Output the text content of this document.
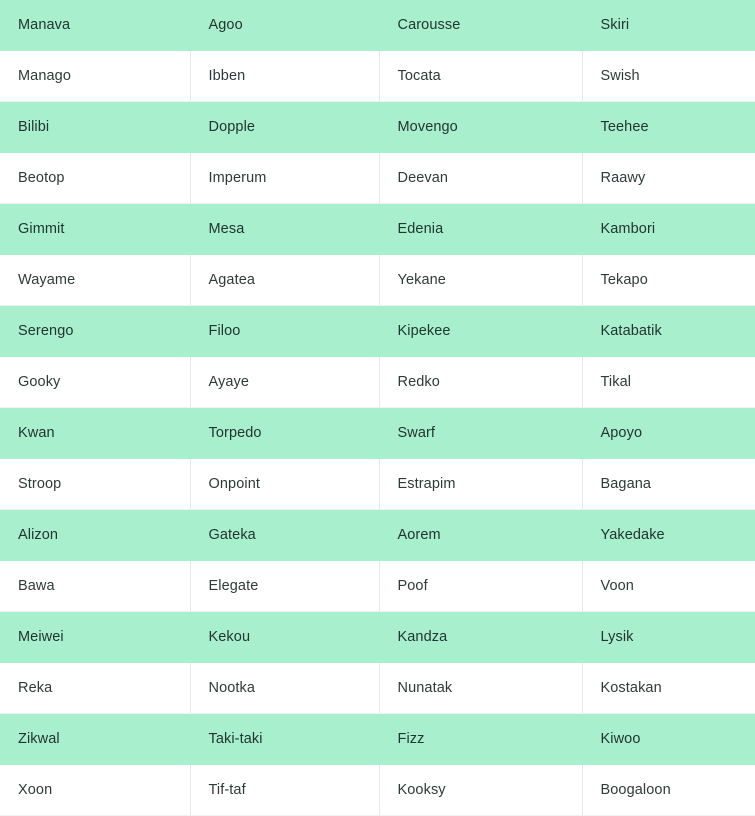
Manava	Agoo	Carousse	Skiri
Manago	Ibben	Tocata	Swish
Bilibi	Dopple	Movengo	Teehee
Beotop	Imperum	Deevan	Raawy
Gimmit	Mesa	Edenia	Kambori
Wayame	Agatea	Yekane	Tekapo
Serengo	Filoo	Kipekee	Katabatik
Gooky	Ayaye	Redko	Tikal
Kwan	Torpedo	Swarf	Apoyo
Stroop	Onpoint	Estrapim	Bagana
Alizon	Gateka	Aorem	Yakedake
Bawa	Elegate	Poof	Voon
Meiwei	Kekou	Kandza	Lysik
Reka	Nootka	Nunatak	Kostakan
Zikwal	Taki-taki	Fizz	Kiwoo
Xoon	Tif-taf	Kooksy	Boogaloon
